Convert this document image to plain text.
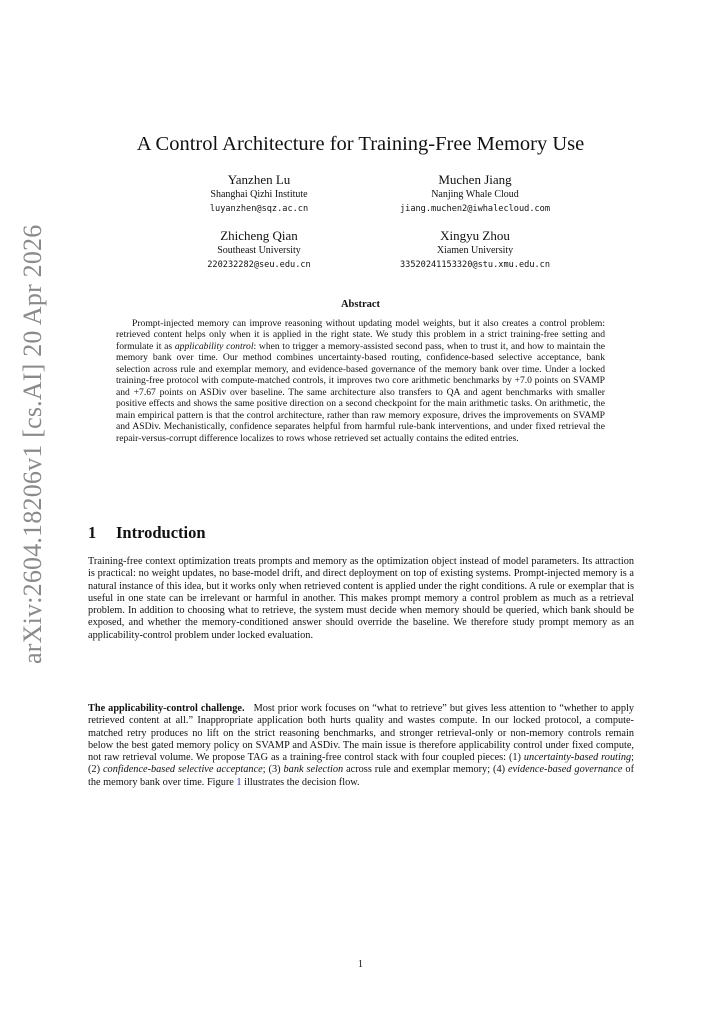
arXiv:2604.18206v1 [cs.AI] 20 Apr 2026
A Control Architecture for Training-Free Memory Use
Yanzhen Lu
Shanghai Qizhi Institute
luyanzhen@sqz.ac.cn
Muchen Jiang
Nanjing Whale Cloud
jiang.muchen2@iwhalecloud.com
Zhicheng Qian
Southeast University
220232282@seu.edu.cn
Xingyu Zhou
Xiamen University
33520241153320@stu.xmu.edu.cn
Abstract

Prompt-injected memory can improve reasoning without updating model weights, but it also creates a control problem: retrieved content helps only when it is applied in the right state. We study this problem in a strict training-free setting and formulate it as applicability control: when to trigger a memory-assisted second pass, when to trust it, and how to maintain the memory bank over time. Our method combines uncertainty-based routing, confidence-based selective acceptance, bank selection across rule and exemplar memory, and evidence-based governance of the memory bank over time. Under a locked training-free protocol with compute-matched controls, it improves two core arithmetic benchmarks by +7.0 points on SVAMP and +7.67 points on ASDiv over baseline. The same architecture also transfers to QA and agent benchmarks with smaller positive effects and shows the same positive direction on a second checkpoint for the main arithmetic tasks. On arithmetic, the main empirical pattern is that the control architecture, rather than raw memory exposure, drives the improvements on SVAMP and ASDiv. Mechanistically, confidence separates helpful from harmful rule-bank interventions, and under fixed retrieval the repair-versus-corrupt difference localizes to rows whose retrieved set actually contains the edited entries.

1 Introduction

Training-free context optimization treats prompts and memory as the optimization object instead of model parameters. Its attraction is practical: no weight updates, no base-model drift, and direct deployment on top of existing systems. Prompt-injected memory is a natural instance of this idea, but it works only when retrieved content is applied under the right conditions. A rule or exemplar that is useful in one state can be irrelevant or harmful in another. This makes prompt memory a control problem as much as a retrieval problem. In addition to choosing what to retrieve, the system must decide when memory should be queried, which bank should be exposed, and whether the memory-conditioned answer should override the baseline. We therefore study prompt memory as an applicability-control problem under locked evaluation.

The applicability-control challenge. Most prior work focuses on “what to retrieve” but gives less attention to “whether to apply retrieved content at all.” Inappropriate application both hurts quality and wastes compute. In our locked protocol, a compute-matched retry produces no lift on the strict reasoning benchmarks, and stronger retrieval-only or non-memory controls remain below the best gated memory policy on SVAMP and ASDiv. The main issue is therefore applicability control under fixed compute, not raw retrieval volume. We propose TAG as a training-free control stack with four coupled pieces: (1) uncertainty-based routing; (2) confidence-based selective acceptance; (3) bank selection across rule and exemplar memory; (4) evidence-based governance of the memory bank over time. Figure 1 illustrates the decision flow.

1
